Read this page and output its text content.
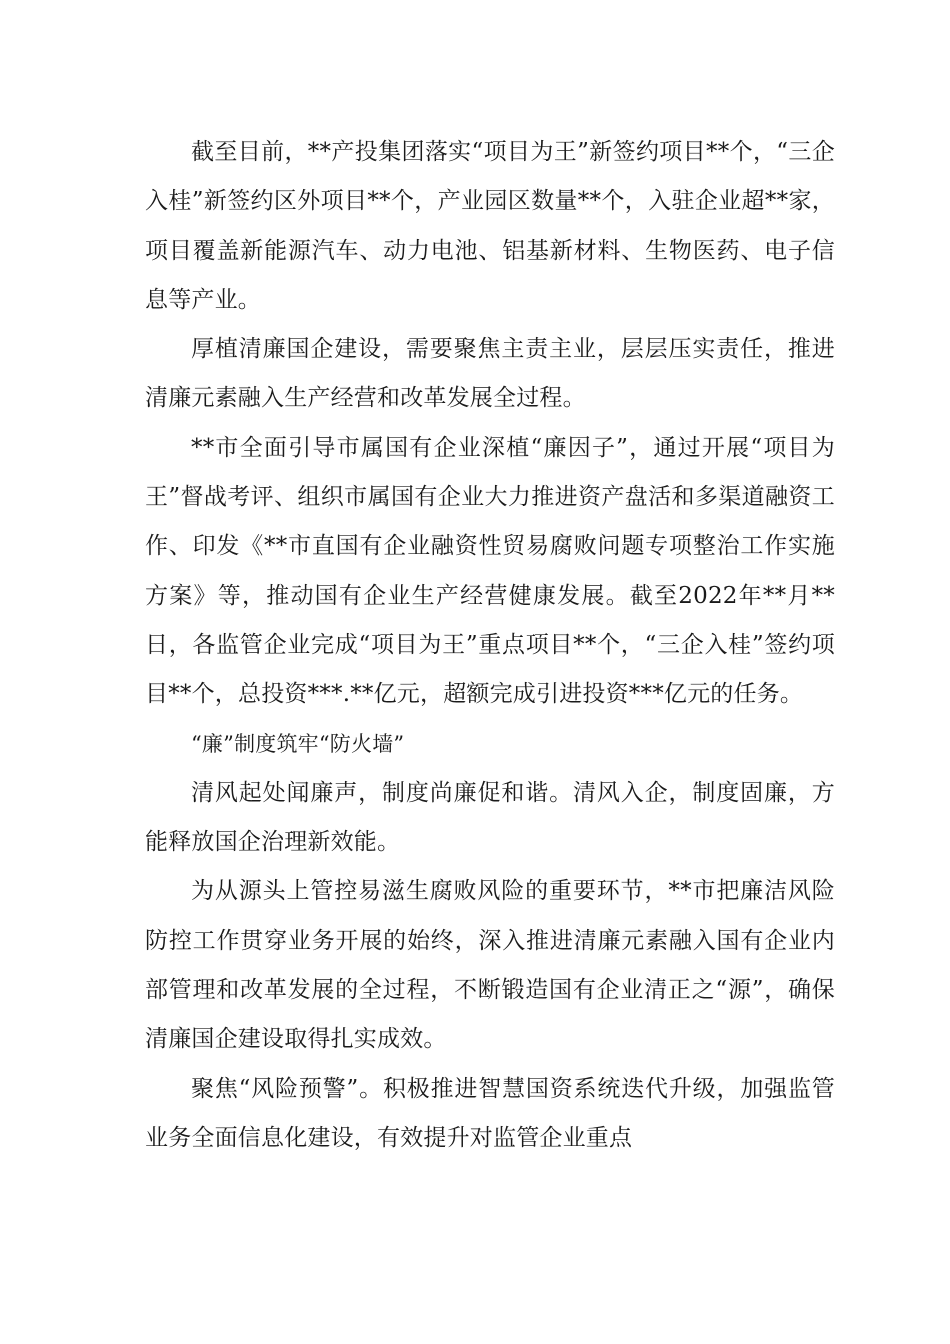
截至目前，**产投集团落实“项目为王”新签约项目**个，“三企入桂”新签约区外项目**个，产业园区数量**个，入驻企业超**家，项目覆盖新能源汽车、动力电池、铝基新材料、生物医药、电子信息等产业。

厚植清廉国企建设，需要聚焦主责主业，层层压实责任，推进清廉元素融入生产经营和改革发展全过程。

**市全面引导市属国有企业深植“廉因子”，通过开展“项目为王”督战考评、组织市属国有企业大力推进资产盘活和多渠道融资工作、印发《**市直国有企业融资性贸易腐败问题专项整治工作实施方案》等，推动国有企业生产经营健康发展。截至2022年**月**日，各监管企业完成“项目为王”重点项目**个，“三企入桂”签约项目**个，总投资***.**亿元，超额完成引进投资***亿元的任务。

“廉”制度筑牢“防火墙”

清风起处闻廉声，制度尚廉促和谐。清风入企，制度固廉，方能释放国企治理新效能。

为从源头上管控易滋生腐败风险的重要环节，**市把廉洁风险防控工作贯穿业务开展的始终，深入推进清廉元素融入国有企业内部管理和改革发展的全过程，不断锻造国有企业清正之“源”，确保清廉国企建设取得扎实成效。

聚焦“风险预警”。积极推进智慧国资系统迭代升级，加强监管业务全面信息化建设，有效提升对监管企业重点
